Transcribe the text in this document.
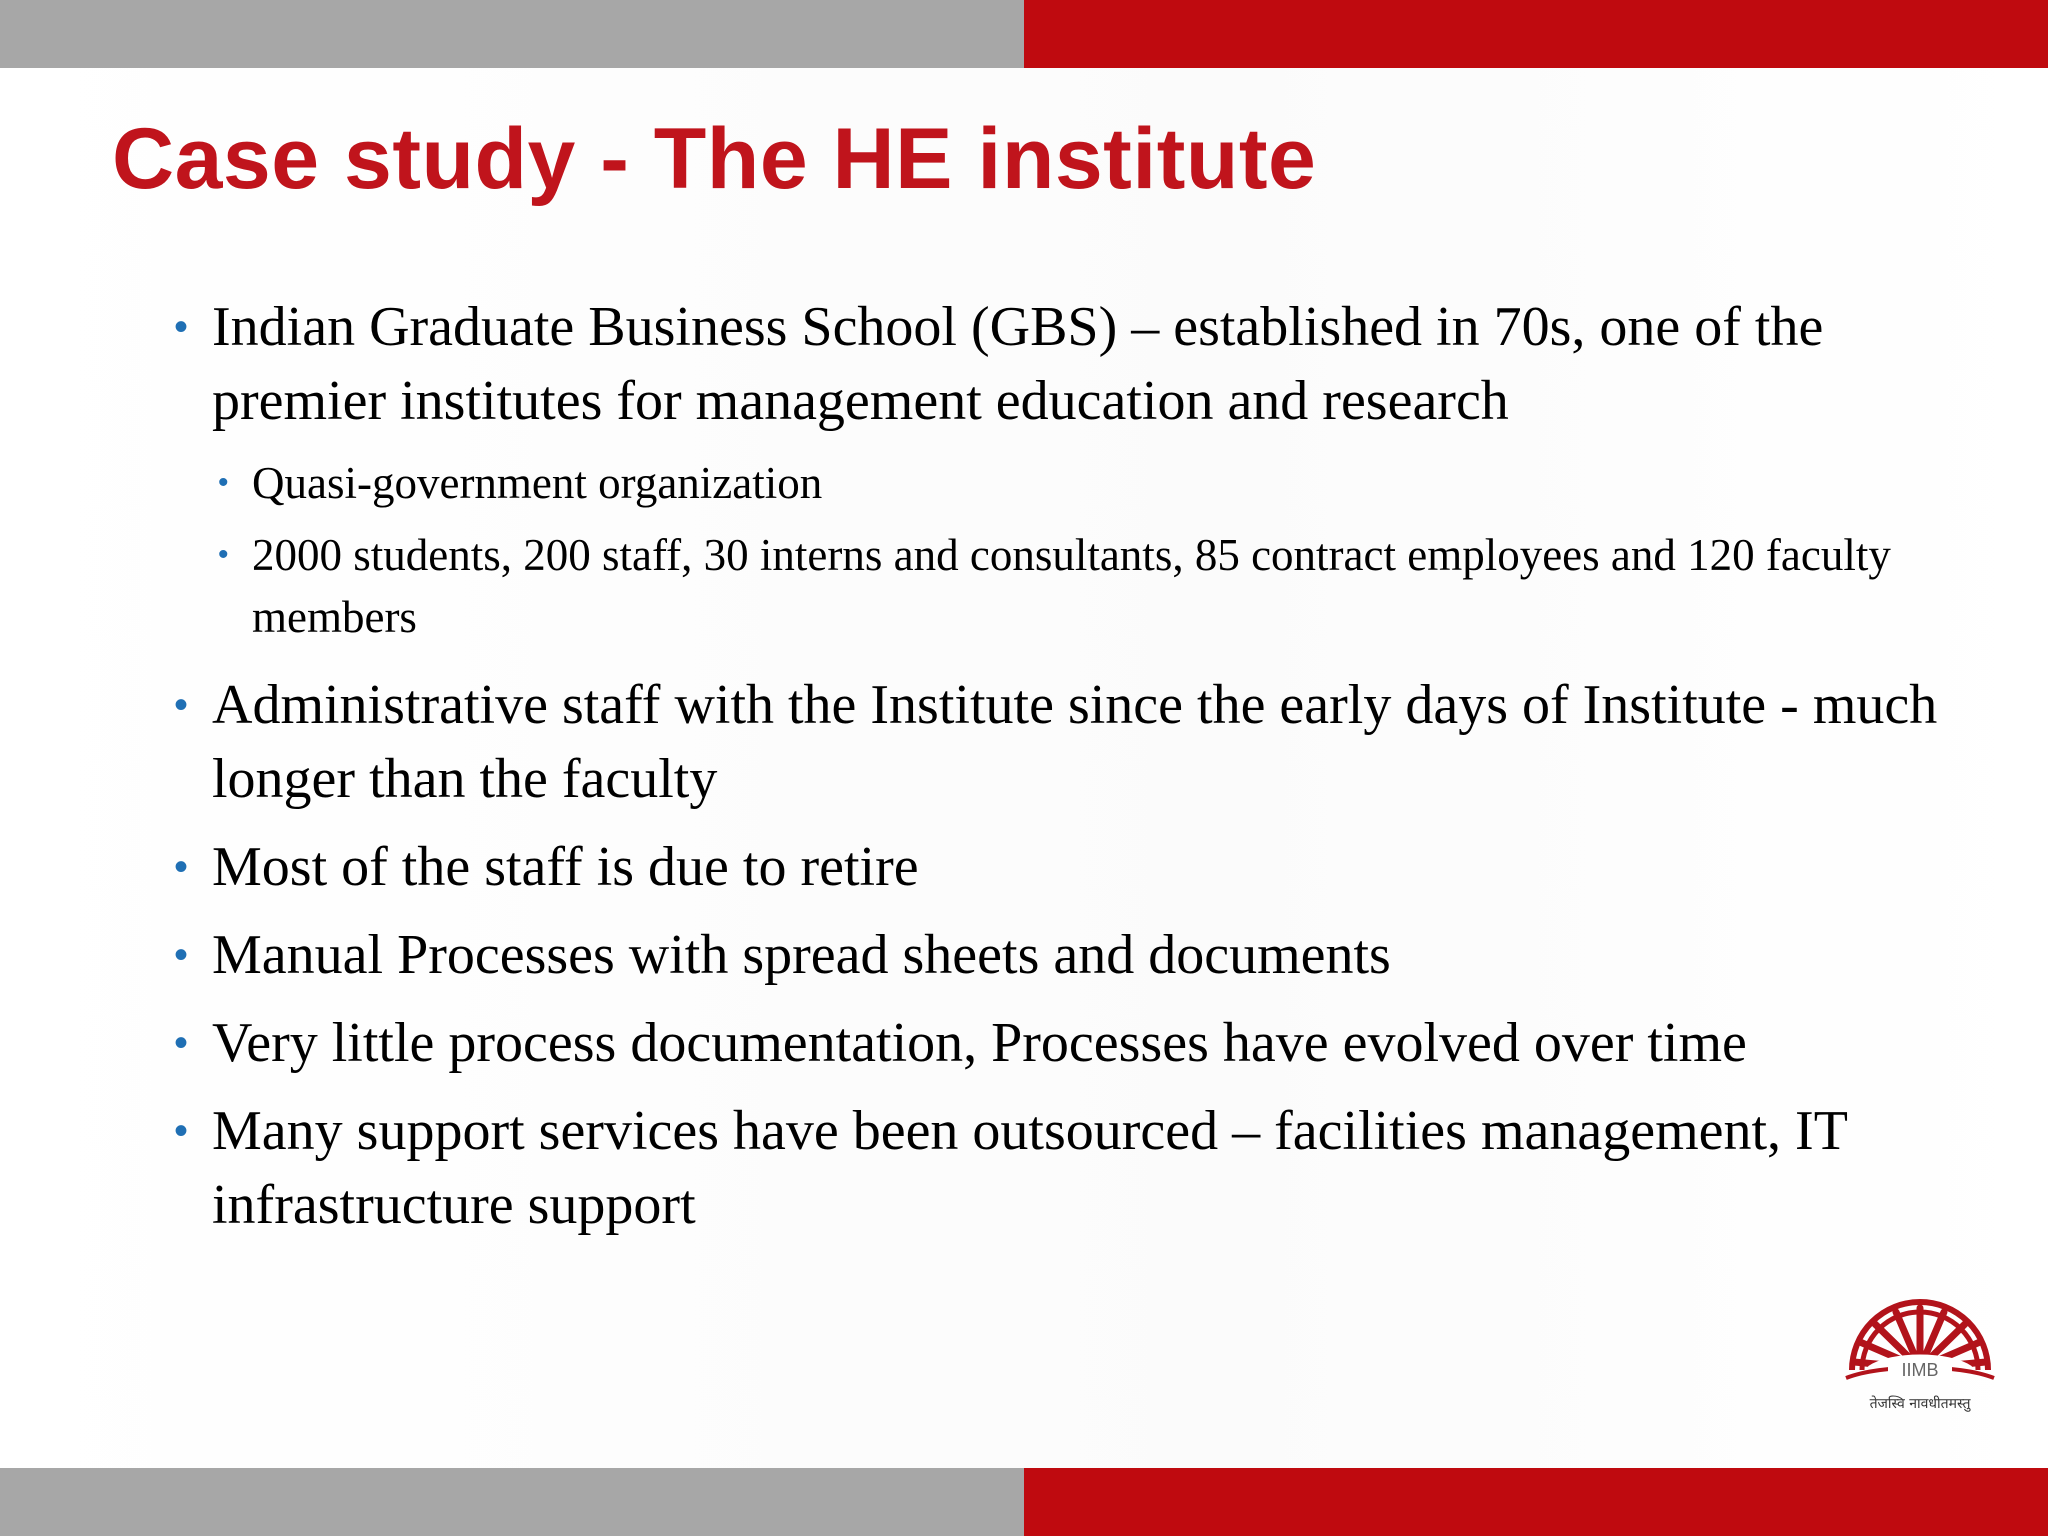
Case study - The HE institute
• Indian Graduate Business School (GBS) – established in 70s, one of the premier institutes for management education and research
• Quasi-government organization
• 2000 students, 200 staff, 30 interns and consultants, 85 contract employees and 120 faculty members
• Administrative staff with the Institute since the early days of Institute - much longer than the faculty
• Most of the staff is due to retire
• Manual Processes with spread sheets and documents
• Very little process documentation, Processes have evolved over time
• Many support services have been outsourced – facilities management, IT infrastructure support
IIMB
तेजस्वि नावधीतमस्तु
